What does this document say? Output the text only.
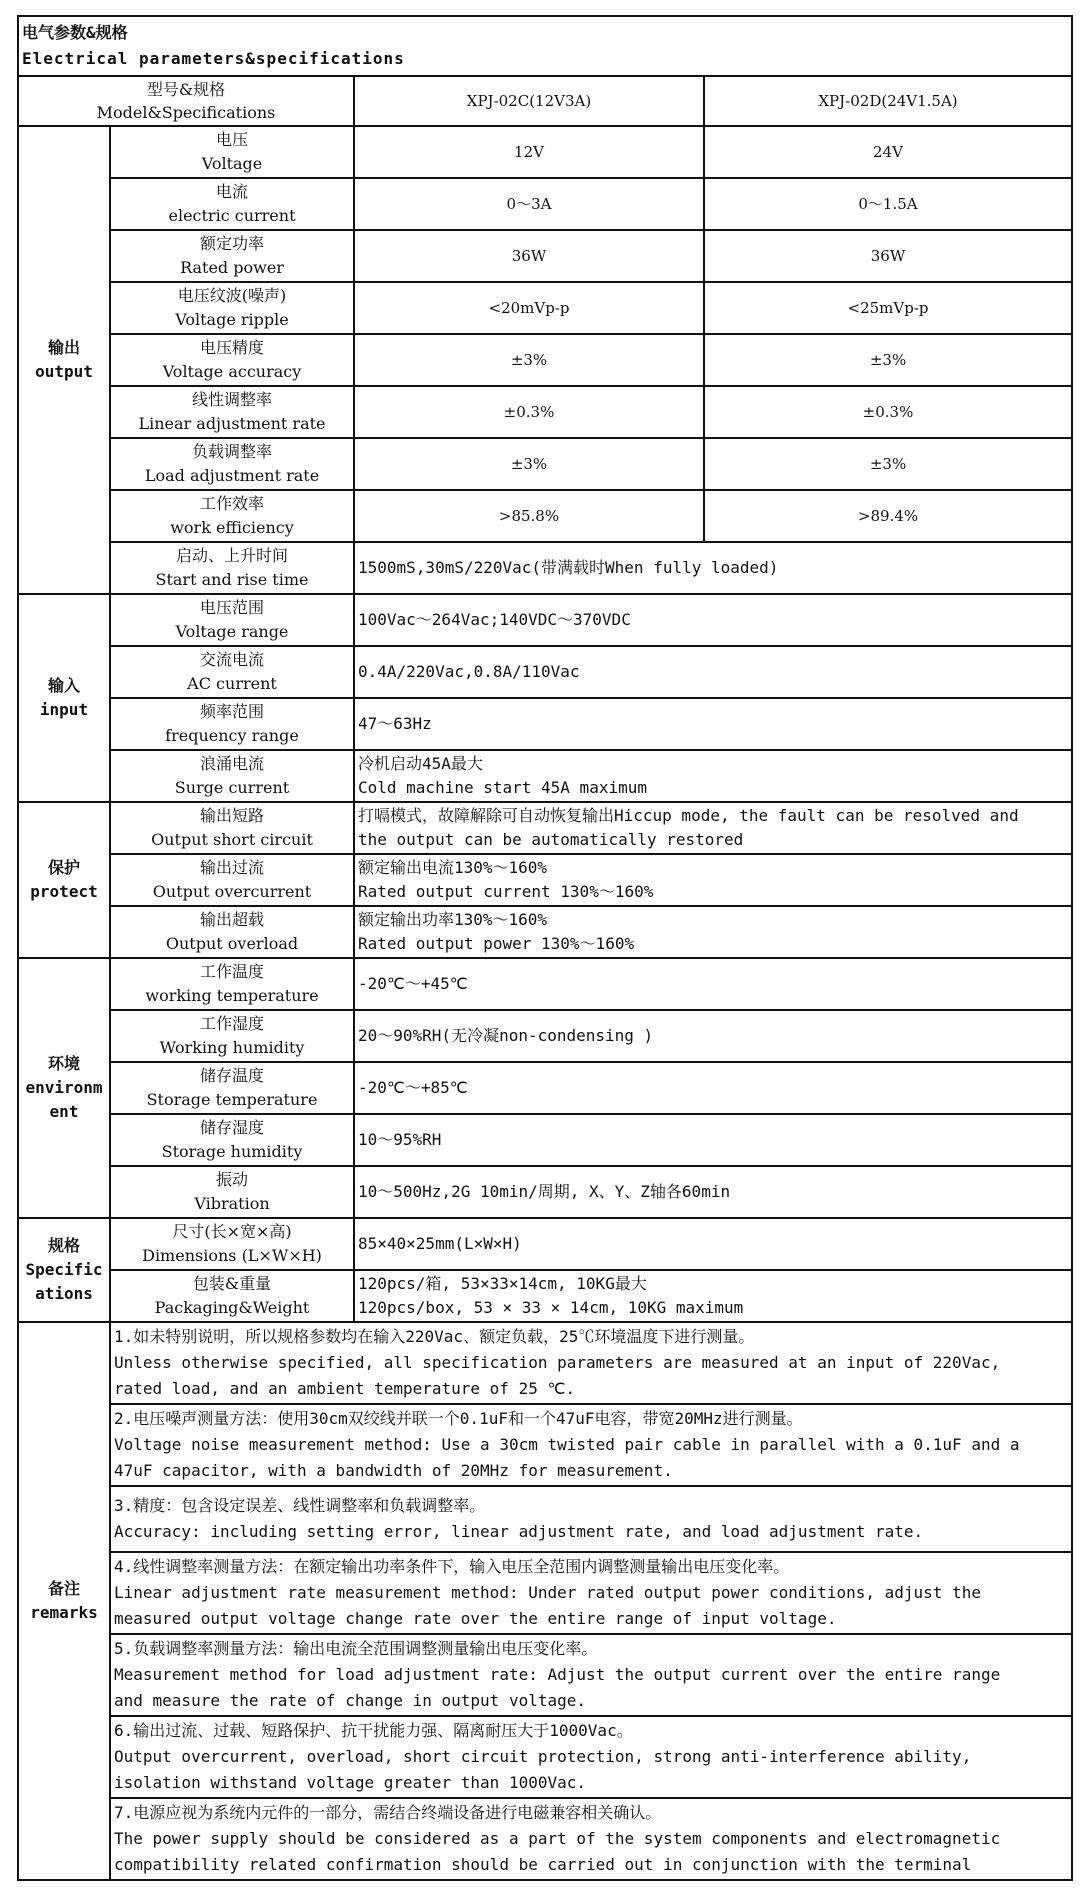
电气参数&规格
Electrical parameters&specifications			

型号&规格
Model&Specifications		XPJ-02C(12V3A)	XPJ-02D(24V1.5A)

输出
output	电压
Voltage	12V	24V

	电流
electric current	0～3A	0～1.5A

	额定功率
Rated power	36W	36W

	电压纹波(噪声)
Voltage ripple	<20mVp-p	<25mVp-p

	电压精度
Voltage accuracy	±3%	±3%

	线性调整率
Linear adjustment rate	±0.3%	±0.3%

	负载调整率
Load adjustment rate	±3%	±3%

	工作效率
work efficiency	>85.8%	>89.4%

	启动、上升时间
Start and rise time	1500mS,30mS/220Vac(带满载时When fully loaded)	

输入
input	电压范围
Voltage range	100Vac～264Vac;140VDC～370VDC	

	交流电流
AC current	0.4A/220Vac,0.8A/110Vac	

	频率范围
frequency range	47～63Hz	

	浪涌电流
Surge current	冷机启动45A最大
Cold machine start 45A maximum	

保护
protect	输出短路
Output short circuit	打嗝模式，故障解除可自动恢复输出Hiccup mode, the fault can be resolved and
the output can be automatically restored	

	输出过流
Output overcurrent	额定输出电流130%～160%
Rated output current 130%～160%	

	输出超载
Output overload	额定输出功率130%～160%
Rated output power 130%～160%	

环境
environment	工作温度
working temperature	-20℃～+45℃	

	工作湿度
Working humidity	20～90%RH(无冷凝non-condensing )	

	储存温度
Storage temperature	-20℃～+85℃	

	储存湿度
Storage humidity	10～95%RH	

	振动
Vibration	10～500Hz,2G 10min/周期, X、Y、Z轴各60min	

规格
Specifications	尺寸(长×宽×高)
Dimensions (L×W×H)	85×40×25mm(L×W×H)	

	包装&重量
Packaging&Weight	120pcs/箱, 53×33×14cm, 10KG最大
120pcs/box, 53 × 33 × 14cm, 10KG maximum	

备注
remarks	1.如未特别说明，所以规格参数均在输入220Vac、额定负载，25℃环境温度下进行测量。
Unless otherwise specified, all specification parameters are measured at an input of 220Vac,
rated load, and an ambient temperature of 25 ℃.		

	2.电压噪声测量方法：使用30cm双绞线并联一个0.1uF和一个47uF电容，带宽20MHz进行测量。
Voltage noise measurement method: Use a 30cm twisted pair cable in parallel with a 0.1uF and a
47uF capacitor, with a bandwidth of 20MHz for measurement.		

	3.精度：包含设定误差、线性调整率和负载调整率。
Accuracy: including setting error, linear adjustment rate, and load adjustment rate.		

	4.线性调整率测量方法：在额定输出功率条件下，输入电压全范围内调整测量输出电压变化率。
Linear adjustment rate measurement method: Under rated output power conditions, adjust the
measured output voltage change rate over the entire range of input voltage.		

	5.负载调整率测量方法：输出电流全范围调整测量输出电压变化率。
Measurement method for load adjustment rate: Adjust the output current over the entire range
and measure the rate of change in output voltage.		

	6.输出过流、过载、短路保护、抗干扰能力强、隔离耐压大于1000Vac。
Output overcurrent, overload, short circuit protection, strong anti-interference ability,
isolation withstand voltage greater than 1000Vac.		

	7.电源应视为系统内元件的一部分，需结合终端设备进行电磁兼容相关确认。
The power supply should be considered as a part of the system components and electromagnetic
compatibility related confirmation should be carried out in conjunction with the terminal		
